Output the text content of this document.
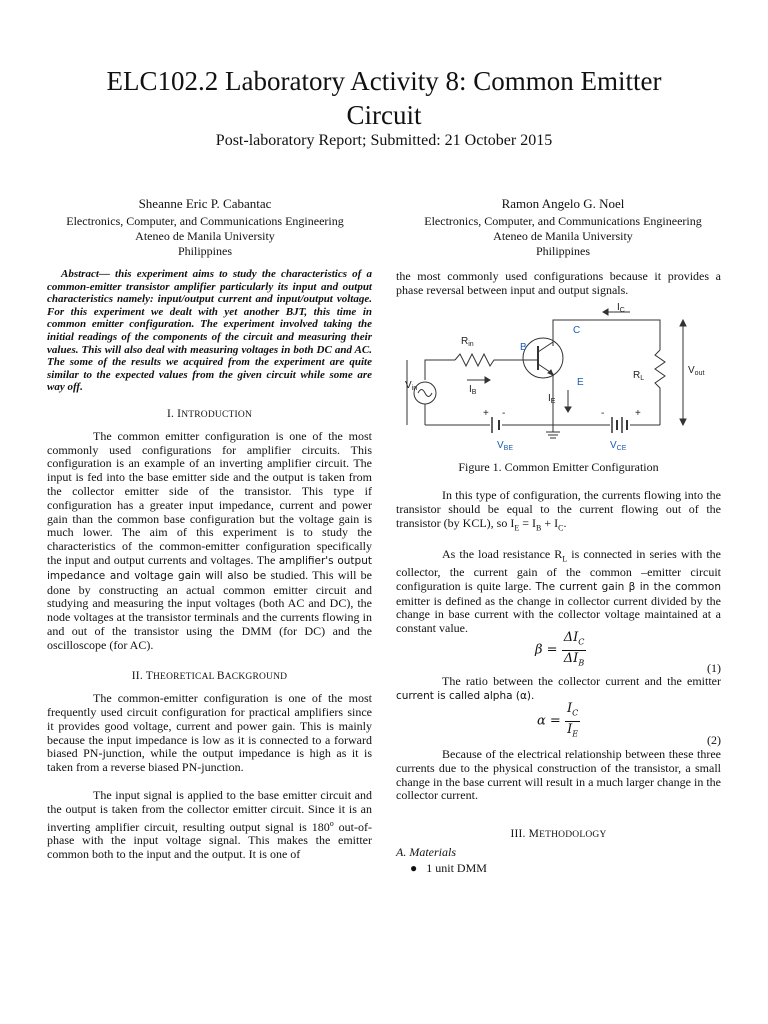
ELC102.2 Laboratory Activity 8: Common Emitter
Circuit
Post-laboratory Report; Submitted: 21 October 2015
Sheanne Eric P. Cabantac
Electronics, Computer, and Communications Engineering
Ateneo de Manila University
Philippines
Ramon Angelo G. Noel
Electronics, Computer, and Communications Engineering
Ateneo de Manila University
Philippines

Abstract— this experiment aims to study the characteristics of a common-emitter transistor amplifier particularly its input and output characteristics namely: input/output current and input/output voltage. For this experiment we dealt with yet another BJT, this time in common emitter configuration. The experiment involved taking the initial readings of the components of the circuit and measuring their values. This will also deal with measuring voltages in both DC and AC. The some of the results we acquired from the experiment are quite similar to the expected values from the given circuit while some are way off.

I. INTRODUCTION

The common emitter configuration is one of the most commonly used configurations for amplifier circuits. This configuration is an example of an inverting amplifier circuit. The input is fed into the base emitter side and the output is taken from the collector emitter side of the transistor. This type if configuration has a greater input impedance, current and power gain than the common base configuration but the voltage gain is much lower. The aim of this experiment is to study the characteristics of the common-emitter configuration specifically the input and output currents and voltages. The amplifier's output impedance and voltage gain will also be studied. This will be done by constructing an actual common emitter circuit and studying and measuring the input voltages (both AC and DC), the node voltages at the transistor terminals and the currents flowing in and out of the transistor using the DMM (for DC) and the oscilloscope (for AC).

II. THEORETICAL BACKGROUND

The common-emitter configuration is one of the most frequently used circuit configuration for practical amplifiers since it provides good voltage, current and power gain. This is mainly because the input impedance is low as it is connected to a forward biased PN-junction, while the output impedance is high as it is taken from a reverse biased PN-junction.

The input signal is applied to the base emitter circuit and the output is taken from the collector emitter circuit. Since it is an inverting amplifier circuit, resulting output signal is 180$^o$ out-of-phase with the input voltage signal. This makes the emitter common both to the input and the output. It is one of

the most commonly used configurations because it provides a phase reversal between input and output signals.

$I_C$
C
$R_{in}$	B
$I_B$
E
$I_E$
$R_L$
$V_{out}$
$V_{in}$
$V_{BE}$	$V_{CE}$
+ -	-	+
Figure 1. Common Emitter Configuration

In this type of configuration, the currents flowing into the transistor should be equal to the current flowing out of the transistor (by KCL), so $I_E = I_B + I_C$.

As the load resistance $R_L$ is connected in series with the collector, the current gain of the common –emitter circuit configuration is quite large. The current gain β in the common emitter is defined as the change in collector current divided by the change in base current with the collector voltage maintained at a constant value.

$\beta = \frac{\Delta I_C}{\Delta I_B}$	(1)

The ratio between the collector current and the emitter current is called alpha (α).

$\alpha = \frac{I_C}{I_E}$	(2)

Because of the electrical relationship between these three currents due to the physical construction of the transistor, a small change in the base current will result in a much larger change in the collector current.

III. METHODOLOGY
A. Materials
● 1 unit DMM
